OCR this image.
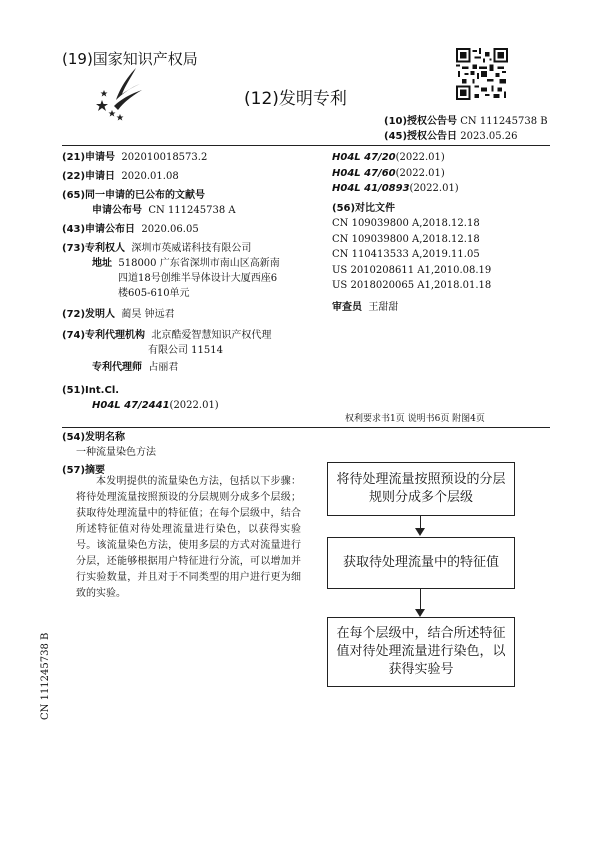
(19)国家知识产权局
(12)发明专利
(10)授权公告号 CN 111245738 B
(45)授权公告日 2023.05.26
(21)申请号 202010018573.2
(22)申请日 2020.01.08
(65)同一申请的已公布的文献号
申请公布号 CN 111245738 A
(43)申请公布日 2020.06.05
(73)专利权人 深圳市英威诺科技有限公司
地址 518000 广东省深圳市南山区高新南
四道18号创维半导体设计大厦西座6
楼605-610单元
(72)发明人 蔺昊 钟远君
(74)专利代理机构 北京酷爱智慧知识产权代理
有限公司 11514
专利代理师 占丽君
(51)Int.Cl.
H04L 47/2441(2022.01)
H04L 47/20(2022.01)
H04L 47/60(2022.01)
H04L 41/0893(2022.01)
(56)对比文件
CN 109039800 A,2018.12.18
CN 109039800 A,2018.12.18
CN 110413533 A,2019.11.05
US 2010208611 A1,2010.08.19
US 2018020065 A1,2018.01.18
审查员 王甜甜
权利要求书1页 说明书6页 附图4页
(54)发明名称
一种流量染色方法
(57)摘要
本发明提供的流量染色方法，包括以下步骤：将待处理流量按照预设的分层规则分成多个层级；获取待处理流量中的特征值；在每个层级中，结合所述特征值对待处理流量进行染色，以获得实验号。该流量染色方法，使用多层的方式对流量进行分层，还能够根据用户特征进行分流，可以增加并行实验数量，并且对于不同类型的用户进行更为细致的实验。
将待处理流量按照预设的分层规则分成多个层级
获取待处理流量中的特征值
在每个层级中，结合所述特征值对待处理流量进行染色，以获得实验号
CN 111245738 B
